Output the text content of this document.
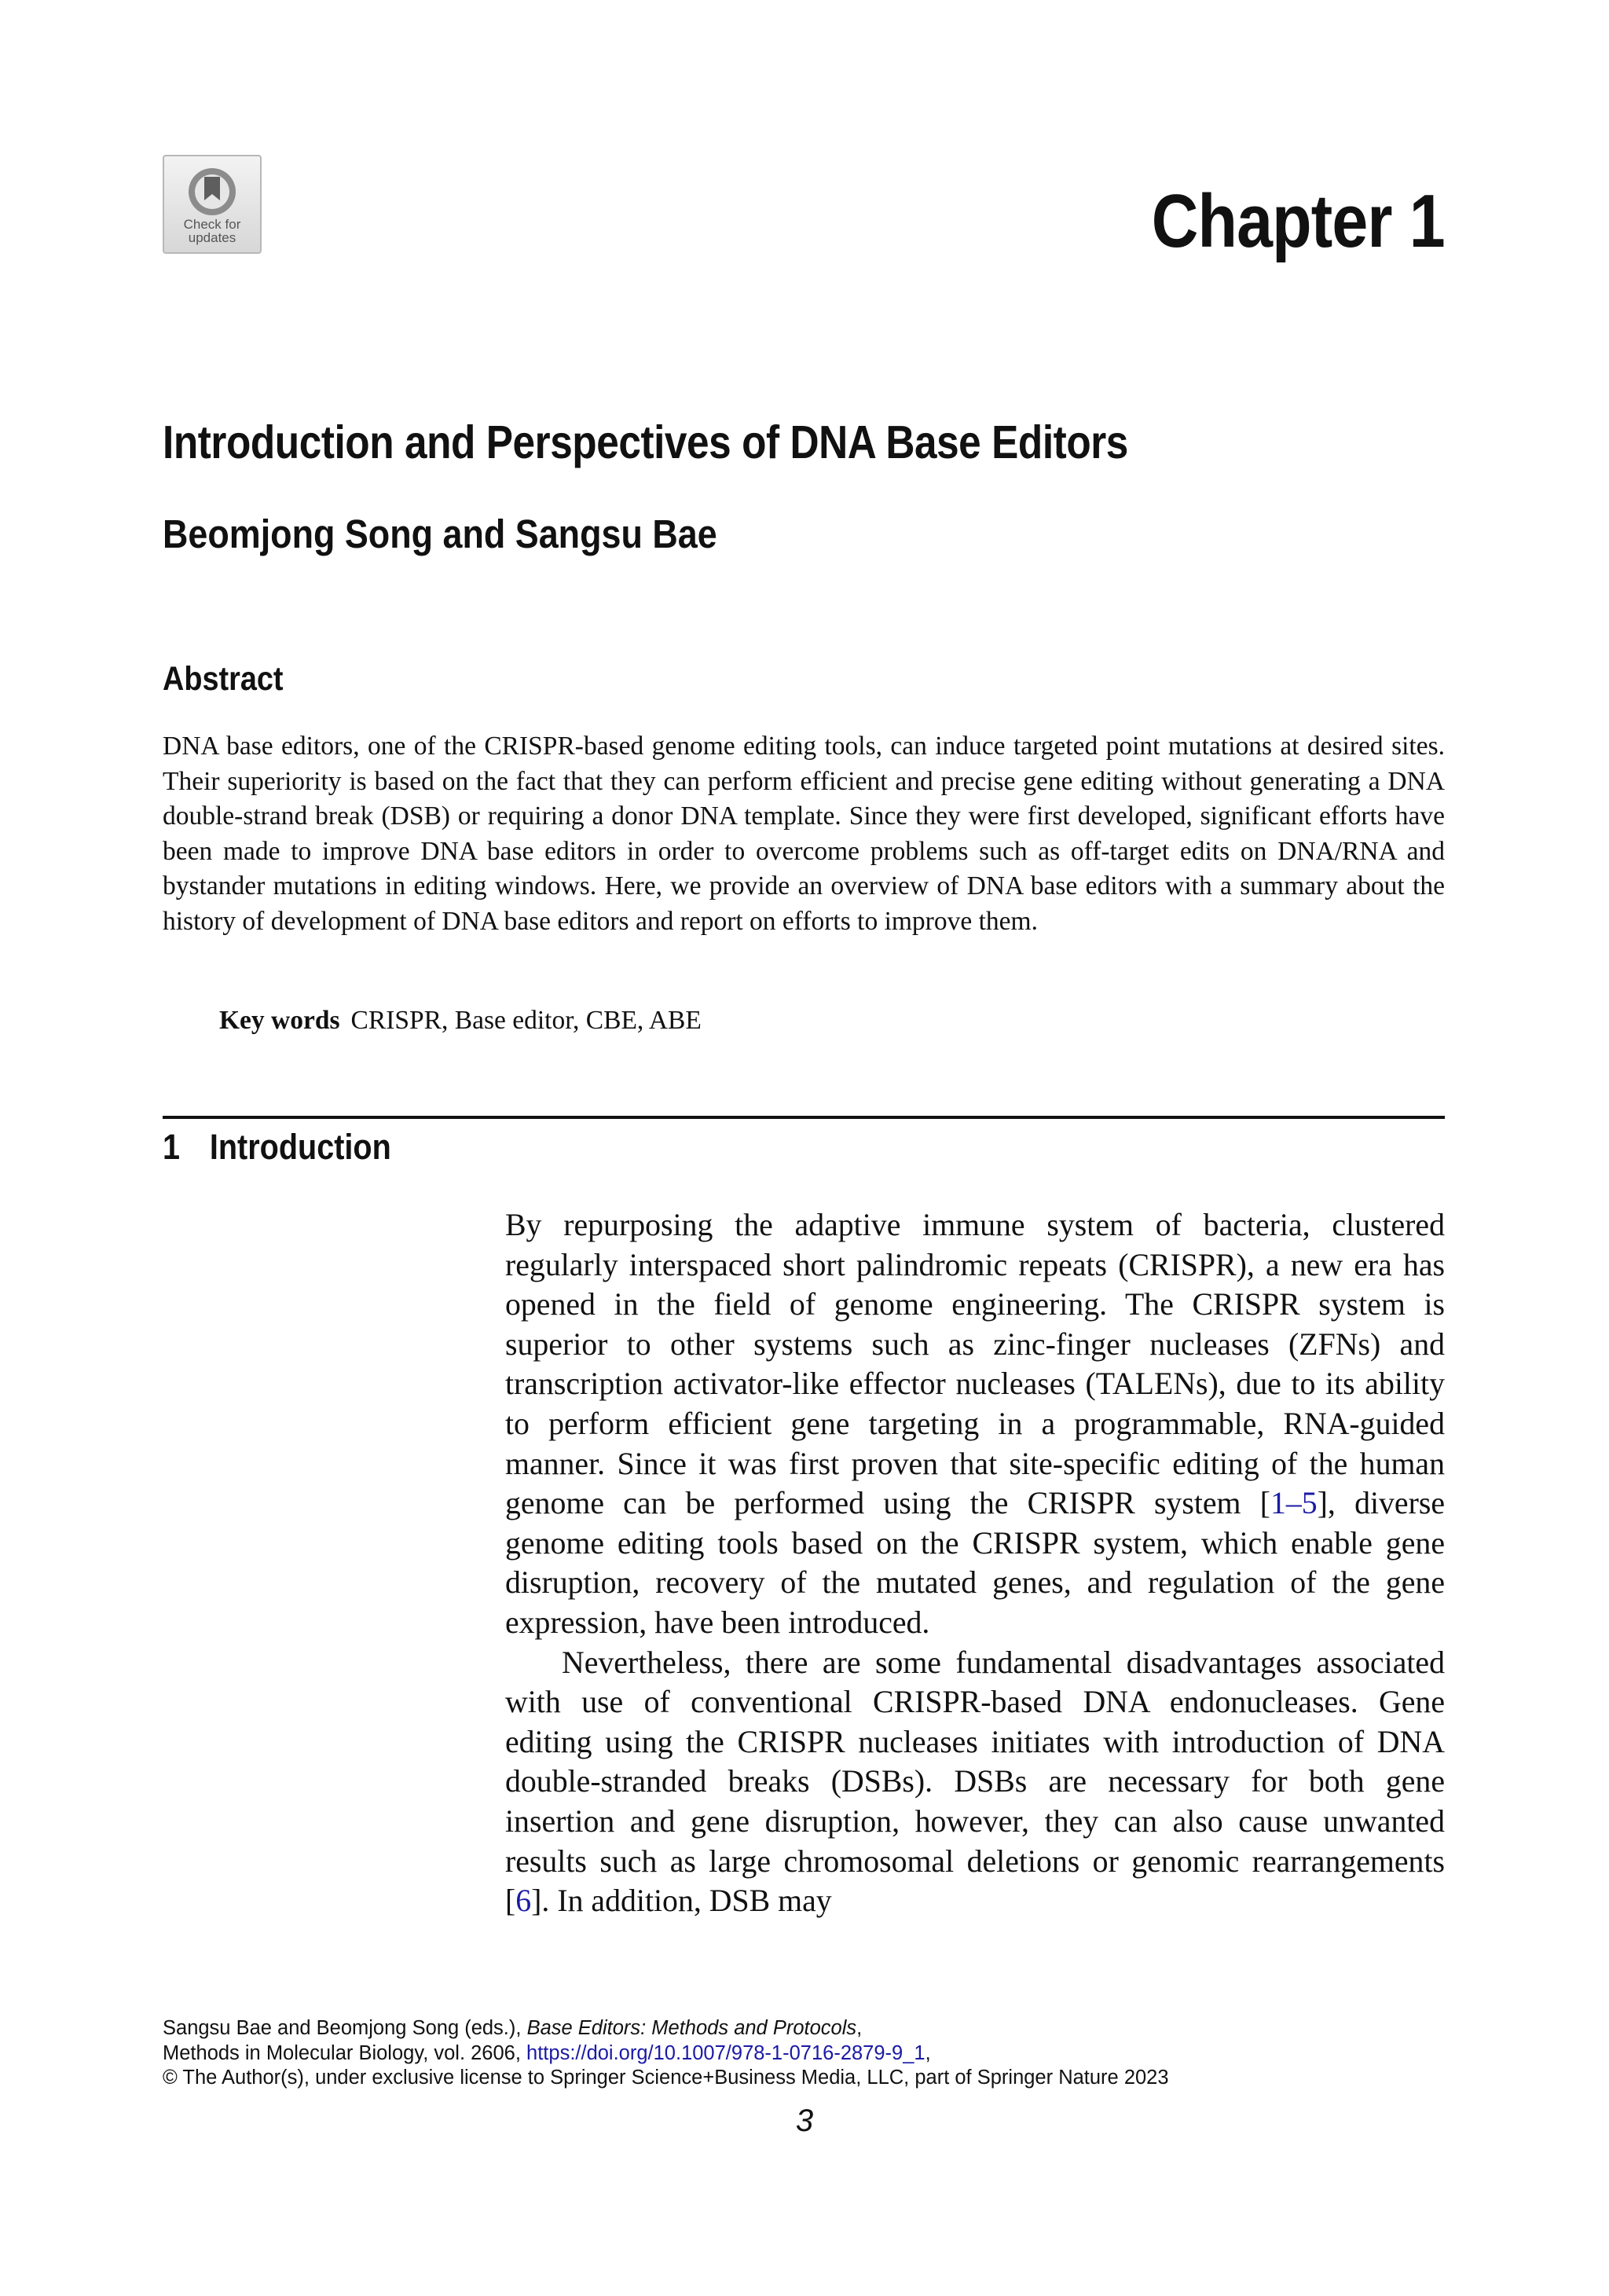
Check for
updates	Chapter 1
Introduction and Perspectives of DNA Base Editors
Beomjong Song and Sangsu Bae
Abstract

DNA base editors, one of the CRISPR-based genome editing tools, can induce targeted point mutations at desired sites. Their superiority is based on the fact that they can perform efficient and precise gene editing without generating a DNA double-strand break (DSB) or requiring a donor DNA template. Since they were first developed, significant efforts have been made to improve DNA base editors in order to overcome problems such as off-target edits on DNA/RNA and bystander mutations in editing windows. Here, we provide an overview of DNA base editors with a summary about the history of development of DNA base editors and report on efforts to improve them.

Key words CRISPR, Base editor, CBE, ABE
1 Introduction

By repurposing the adaptive immune system of bacteria, clustered regularly interspaced short palindromic repeats (CRISPR), a new era has opened in the field of genome engineering. The CRISPR system is superior to other systems such as zinc-finger nucleases (ZFNs) and transcription activator-like effector nucleases (TALENs), due to its ability to perform efficient gene targeting in a programmable, RNA-guided manner. Since it was first proven that site-specific editing of the human genome can be performed using the CRISPR system [1–5], diverse genome editing tools based on the CRISPR system, which enable gene disruption, recovery of the mutated genes, and regulation of the gene expression, have been introduced.

Nevertheless, there are some fundamental disadvantages associated with use of conventional CRISPR-based DNA endonucleases. Gene editing using the CRISPR nucleases initiates with introduction of DNA double-stranded breaks (DSBs). DSBs are necessary for both gene insertion and gene disruption, however, they can also cause unwanted results such as large chromosomal deletions or genomic rearrangements [6]. In addition, DSB may

Sangsu Bae and Beomjong Song (eds.), Base Editors: Methods and Protocols,
Methods in Molecular Biology, vol. 2606, https://doi.org/10.1007/978-1-0716-2879-9_1,
© The Author(s), under exclusive license to Springer Science+Business Media, LLC, part of Springer Nature 2023
3
